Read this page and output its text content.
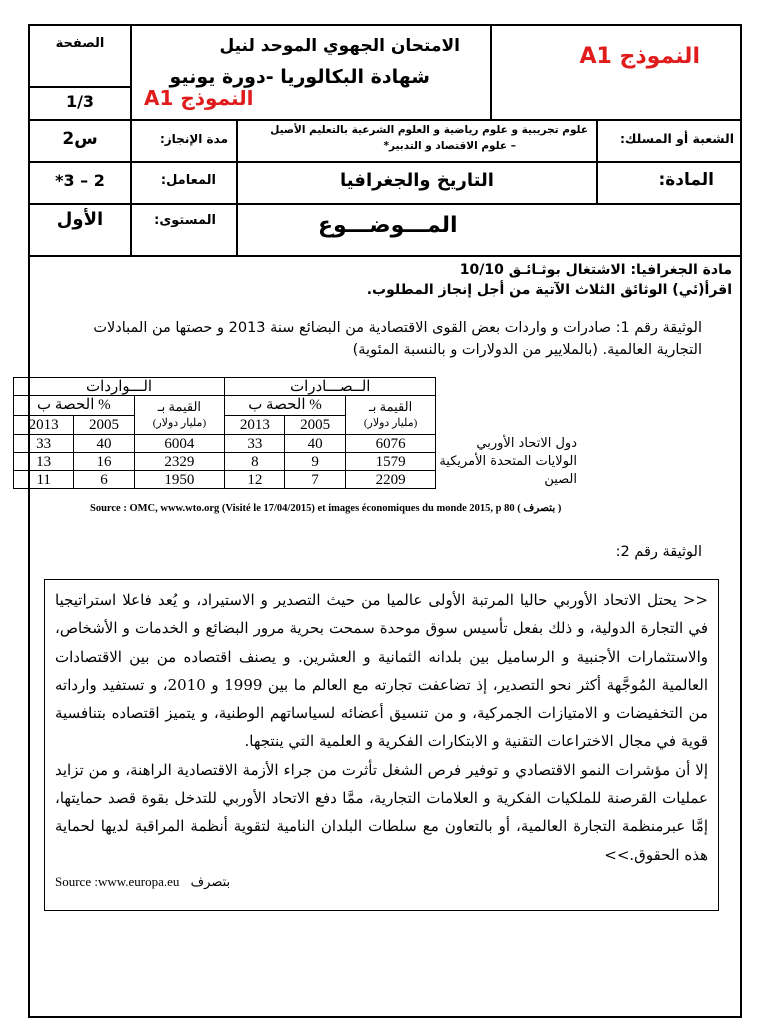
الصفحة
1/3
الامتحان الجهوي الموحد لنيل
شهادة البكالوريا -دورة يونيو
النموذج A1
النموذج A1
2س	مدة الإنجاز:
علوم تجريبية و علوم رياضية و العلوم الشرعية بالتعليم الأصيل
– علوم الاقتصاد و التدبير*	الشعبة أو المسلك:
*3 – 2	المعامل:	التاريخ والجغرافيا	المادة:
الأول	المستوى:	المـــوضـــوع
مادة الجغرافيا: الاشتغال بوثـائـق 10/10
اقرأ(ئي) الوثائق الثلاث الآتية من أجل إنجاز المطلوب.
الوثيقة رقم 1: صادرات و واردات بعض القوى الاقتصادية من البضائع سنة 2013 و حصتها من المبادلات
التجارية العالمية. (بالملايير من الدولارات و بالنسبة المئوية)
الـــواردات			الــصـــادرات			
الحصة ب %		القيمة بـ
(مليار دولار)	الحصة ب %		القيمة بـ
(مليار دولار)	
2013	2005		2013	2005		
33	40	6004	33	40	6076	دول الاتحاد الأوربي
13	16	2329	8	9	1579	الولايات المتحدة الأمريكية
11	6	1950	12	7	2209	الصين
Source : OMC, www.wto.org (Visité le 17/04/2015) et images économiques du monde 2015, p 80 ( بتصرف )
الوثيقة رقم 2:

<< يحتل الاتحاد الأوربي حاليا المرتبة الأولى عالميا من حيث التصدير و الاستيراد، و يُعد فاعلا استراتيجيا في التجارة الدولية، و ذلك بفعل تأسيس سوق موحدة سمحت بحرية مرور البضائع و الخدمات و الأشخاص، والاستثمارات الأجنبية و الرساميل بين بلدانه الثمانية و العشرين. و يصنف اقتصاده من بين الاقتصادات العالمية المُوجَّهة أكثر نحو التصدير، إذ تضاعفت تجارته مع العالم ما بين 1999 و 2010، و تستفيد وارداته من التخفيضات و الامتيازات الجمركية، و من تنسيق أعضائه لسياساتهم الوطنية، و يتميز اقتصاده بتنافسية قوية في مجال الاختراعات التقنية و الابتكارات الفكرية و العلمية التي ينتجها.

إلا أن مؤشرات النمو الاقتصادي و توفير فرص الشغل تأثرت من جراء الأزمة الاقتصادية الراهنة، و من تزايد عمليات القرصنة للملكيات الفكرية و العلامات التجارية، ممَّا دفع الاتحاد الأوربي للتدخل بقوة قصد حمايتها، إمَّا عبرمنظمة التجارة العالمية، أو بالتعاون مع سلطات البلدان النامية لتقوية أنظمة المراقبة لديها لحماية هذه الحقوق.>>

Source :www.europa.eu بتصرف
